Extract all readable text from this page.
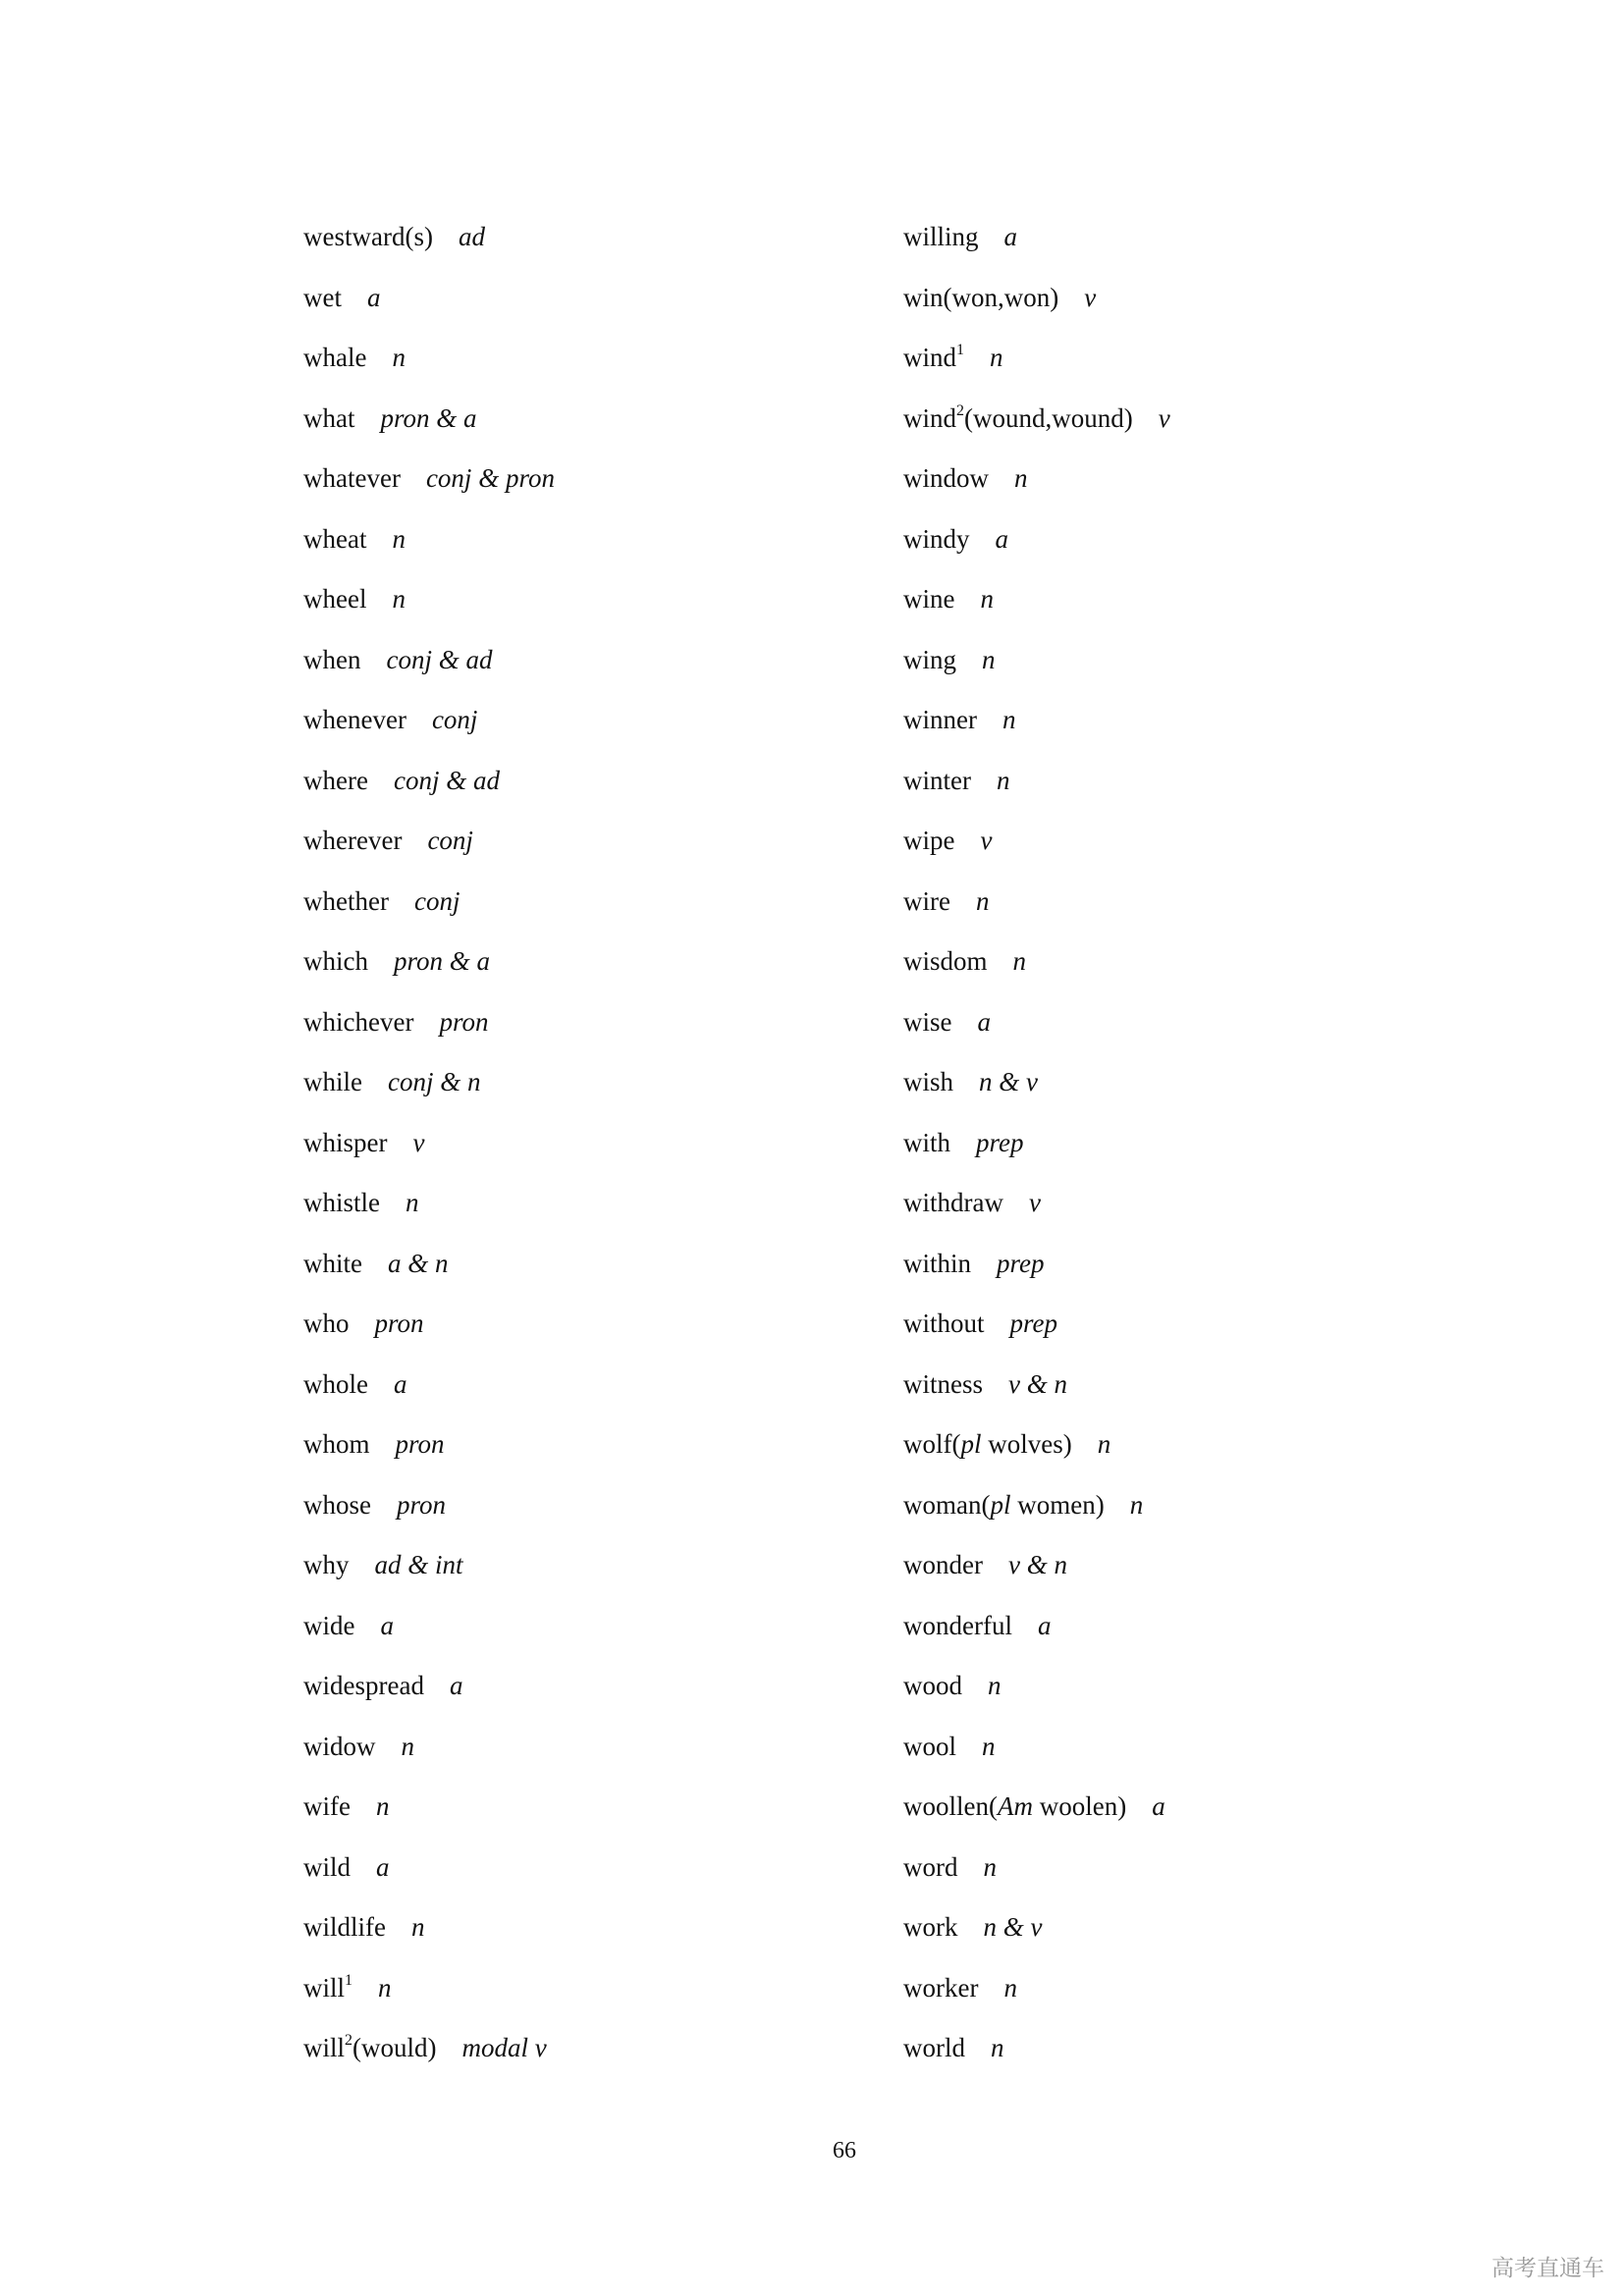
westward(s) ad
wet a
whale n
what pron & a
whatever conj & pron
wheat n
wheel n
when conj & ad
whenever conj
where conj & ad
wherever conj
whether conj
which pron & a
whichever pron
while conj & n
whisper v
whistle n
white a & n
who pron
whole a
whom pron
whose pron
why ad & int
wide a
widespread a
widow n
wife n
wild a
wildlife n
will$^1$ n
will$^2$(would) modal v
willing a
win(won,won) v
wind$^1$ n
wind$^2$(wound,wound) v
window n
windy a
wine n
wing n
winner n
winter n
wipe v
wire n
wisdom n
wise a
wish n & v
with prep
withdraw v
within prep
without prep
witness v & n
wolf(pl wolves) n
woman(pl women) n
wonder v & n
wonderful a
wood n
wool n
woollen(Am woolen) a
word n
work n & v
worker n
world n
66
高考直通车
